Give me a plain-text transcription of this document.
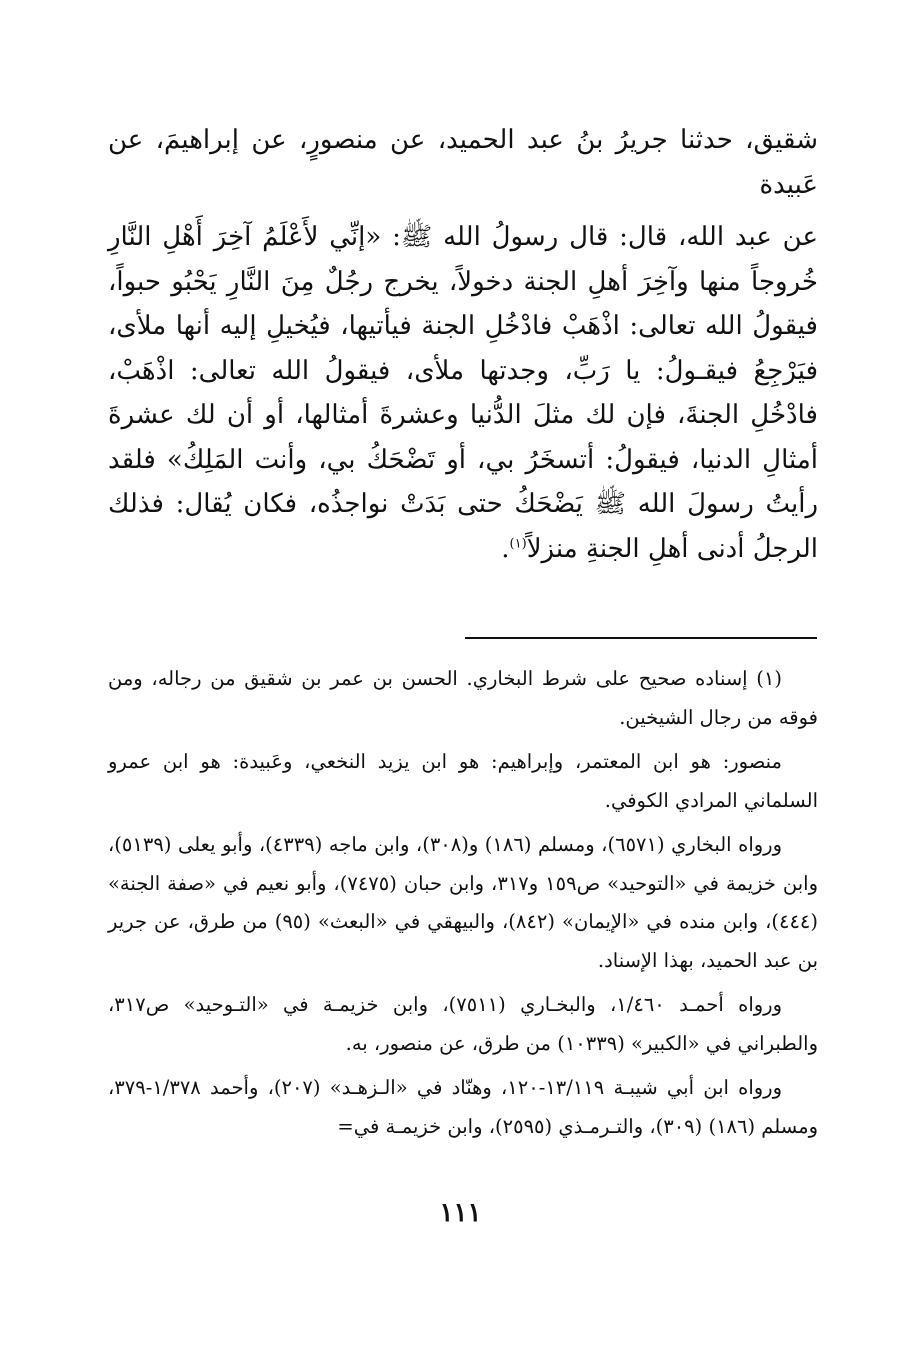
شقيق، حدثنا جريرُ بنُ عبد الحميد، عن منصورٍ، عن إبراهيمَ، عن عَبيدة

عن عبد الله، قال: قال رسولُ الله ﷺ: «إنِّي لأَعْلَمُ آخِرَ أَهْلِ النَّارِ خُروجاً منها وآخِرَ أهلِ الجنة دخولاً، يخرج رجُلٌ مِنَ النَّارِ يَحْبُو حبواً، فيقولُ الله تعالى: اذْهَبْ فادْخُلِ الجنة فيأتيها، فيُخيلِ إليه أنها ملأى، فيَرْجِعُ فيقـولُ: يا رَبِّ، وجدتها ملأى، فيقولُ الله تعالى: اذْهَبْ، فادْخُلِ الجنةَ، فإن لك مثلَ الدُّنيا وعشرةَ أمثالها، أو أن لك عشرةَ أمثالِ الدنيا، فيقولُ: أتسخَرُ بي، أو تَضْحَكُ بي، وأنت المَلِكُ» فلقد رأيتُ رسولَ الله ﷺ يَضْحَكُ حتى بَدَتْ نواجذُه، فكان يُقال: فذلك الرجلُ أدنى أهلِ الجنةِ منزلاً$^{(١)}$.

(١) إسناده صحيح على شرط البخاري. الحسن بن عمر بن شقيق من رجاله، ومن فوقه من رجال الشيخين.

منصور: هو ابن المعتمر، وإبراهيم: هو ابن يزيد النخعي، وعَبيدة: هو ابن عمرو السلماني المرادي الكوفي.

ورواه البخاري (٦٥٧١)، ومسلم (١٨٦) و(٣٠٨)، وابن ماجه (٤٣٣٩)، وأبو يعلى (٥١٣٩)، وابن خزيمة في «التوحيد» ص١٥٩ و٣١٧، وابن حبان (٧٤٧٥)، وأبو نعيم في «صفة الجنة» (٤٤٤)، وابن منده في «الإيمان» (٨٤٢)، والبيهقي في «البعث» (٩٥) من طرق، عن جرير بن عبد الحميد، بهذا الإسناد.

ورواه أحمـد ١/٤٦٠، والبخـاري (٧٥١١)، وابن خزيمـة في «التـوحيد» ص٣١٧، والطبراني في «الكبير» (١٠٣٣٩) من طرق، عن منصور، به.

ورواه ابن أبي شيبـة ١٣/١١٩-١٢٠، وهنّاد في «الـزهـد» (٢٠٧)، وأحمد ١/٣٧٨-٣٧٩، ومسلم (١٨٦) (٣٠٩)، والتـرمـذي (٢٥٩٥)، وابن خزيمـة في=

١١١
